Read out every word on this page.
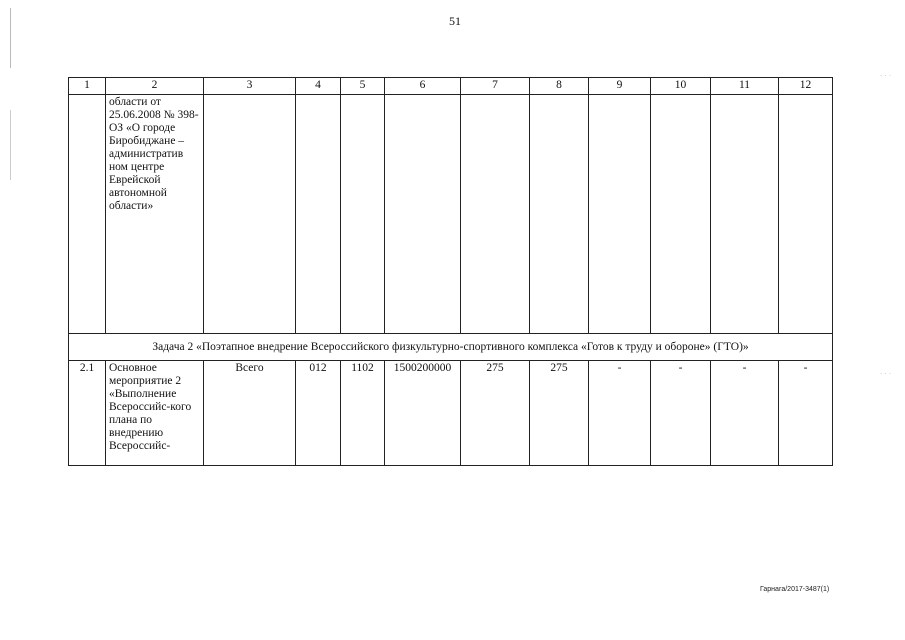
51
1	2	3	4	5	6	7	8	9	10	11	12
	области от 25.06.2008 № 398-ОЗ «О городе Биробиджане – административ ном центре Еврейской автономной области»										
Задача 2 «Поэтапное внедрение Всероссийского физкультурно-спортивного комплекса «Готов к труду и обороне» (ГТО)»											
2.1	Основное мероприятие 2 «Выполнение Всероссийс-кого плана по внедрению Всероссийс-	Всего	012	1102	1500200000	275	275	-	-	-	-
· · ·
· · ·
Гарнага/2017-3487(1)
